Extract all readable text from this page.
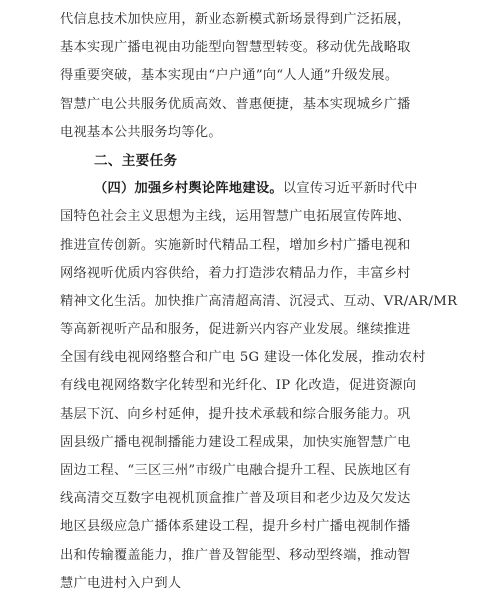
代信息技术加快应用，新业态新模式新场景得到广泛拓展，
基本实现广播电视由功能型向智慧型转变。移动优先战略取
得重要突破，基本实现由“户户通”向“人人通”升级发展。
智慧广电公共服务优质高效、普惠便捷，基本实现城乡广播
电视基本公共服务均等化。
二、主要任务
（四）加强乡村舆论阵地建设。以宣传习近平新时代中
国特色社会主义思想为主线，运用智慧广电拓展宣传阵地、
推进宣传创新。实施新时代精品工程，增加乡村广播电视和
网络视听优质内容供给，着力打造涉农精品力作，丰富乡村
精神文化生活。加快推广高清超高清、沉浸式、互动、VR/AR/MR
等高新视听产品和服务，促进新兴内容产业发展。继续推进
全国有线电视网络整合和广电 5G 建设一体化发展，推动农村
有线电视网络数字化转型和光纤化、IP 化改造，促进资源向
基层下沉、向乡村延伸，提升技术承载和综合服务能力。巩
固县级广播电视制播能力建设工程成果，加快实施智慧广电
固边工程、“三区三州”市级广电融合提升工程、民族地区有
线高清交互数字电视机顶盒推广普及项目和老少边及欠发达
地区县级应急广播体系建设工程，提升乡村广播电视制作播
出和传输覆盖能力，推广普及智能型、移动型终端，推动智
慧广电进村入户到人
